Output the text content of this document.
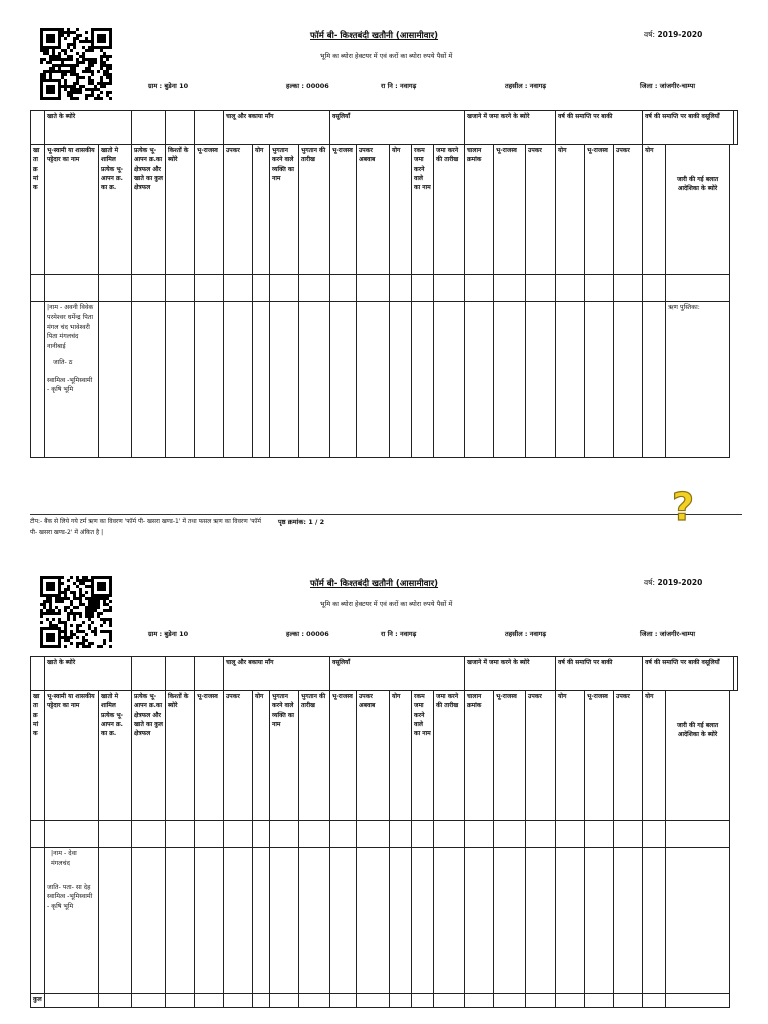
फॉर्म बी- किश्तबंदी खतौनी (आसामीवार)	वर्ष: 2019-2020
भूमि का ब्योरा हेक्टयर में एवं करों का ब्योरा रुपये पैसों में
ग्राम : बुडेना 10	हल्का : 00006	रा नि : नवागढ़	तहसील : नवागढ़	जिला : जांजगीर-चाम्पा
	खाते के ब्योरे					चालू और बकाया माँग				वसूलियाँ					खजाने में जमा करने के ब्योरे			वर्ष की समाप्ति पर बाकी			वर्ष की समाप्ति पर बाकी वसूलियाँ		
खाता क्रमांक	भू-स्वामी या शासकीय पट्टेदार का नाम	खातो मे शामिल प्रत्येक भू-आपन क्र. का क्र.	प्रत्येक भू-आपन क्र.का क्षेत्रफल और खाते का कुल क्षेत्रफल	किश्तों के ब्योरे	भू-राजस्व	उपकर	योग	भुगतान करने वाले व्यक्ति का नाम	भुगतान की तारीख	भू-राजस्व	उपकर अबवाब	योग	रकम जमा करने वाले का नाम	जमा करने की तारीख	चालान क्रमांक	भू-राजस्व	उपकर	योग	भू-राजस्व	उपकर	योग	जारी की गई बलात आदेशिका के ब्योरे	

	|नाम - अवनी विवेक परमेश्वर धर्मेन्द्र पिता मंगल चंद भावेश्वरी पिता मंगलचंद नानीबाई
जाति- ठ
स्वामित्व -भूमिस्वामी - कृषि भूमि																					ऋण पुस्तिका:	
टीप:- बैंक से लिये गये टर्म ऋण का विवरण 'फॉर्म पी- खसरा खण्ड-1' में तथा फसल ऋण का विवरण 'फॉर्म पी- खसरा खण्ड-2' में अंकित है |
पृष्ठ क्रमांक: 1 / 2	?
फॉर्म बी- किश्तबंदी खतौनी (आसामीवार)	वर्ष: 2019-2020
भूमि का ब्योरा हेक्टयर में एवं करों का ब्योरा रुपये पैसों में
ग्राम : बुडेना 10	हल्का : 00006	रा नि : नवागढ़	तहसील : नवागढ़	जिला : जांजगीर-चाम्पा
	खाते के ब्योरे					चालू और बकाया माँग				वसूलियाँ					खजाने में जमा करने के ब्योरे			वर्ष की समाप्ति पर बाकी			वर्ष की समाप्ति पर बाकी वसूलियाँ		
खाता क्रमांक	भू-स्वामी या शासकीय पट्टेदार का नाम	खातो मे शामिल प्रत्येक भू-आपन क्र. का क्र.	प्रत्येक भू-आपन क्र.का क्षेत्रफल और खाते का कुल क्षेत्रफल	किश्तों के ब्योरे	भू-राजस्व	उपकर	योग	भुगतान करने वाले व्यक्ति का नाम	भुगतान की तारीख	भू-राजस्व	उपकर अबवाब	योग	रकम जमा करने वाले का नाम	जमा करने की तारीख	चालान क्रमांक	भू-राजस्व	उपकर	योग	भू-राजस्व	उपकर	योग	जारी की गई बलात आदेशिका के ब्योरे	

	|नाम - देवा मंगलचंद
जाति- पता- सा देह
स्वामित्व -भूमिस्वामी - कृषि भूमि																						

कुल																							
